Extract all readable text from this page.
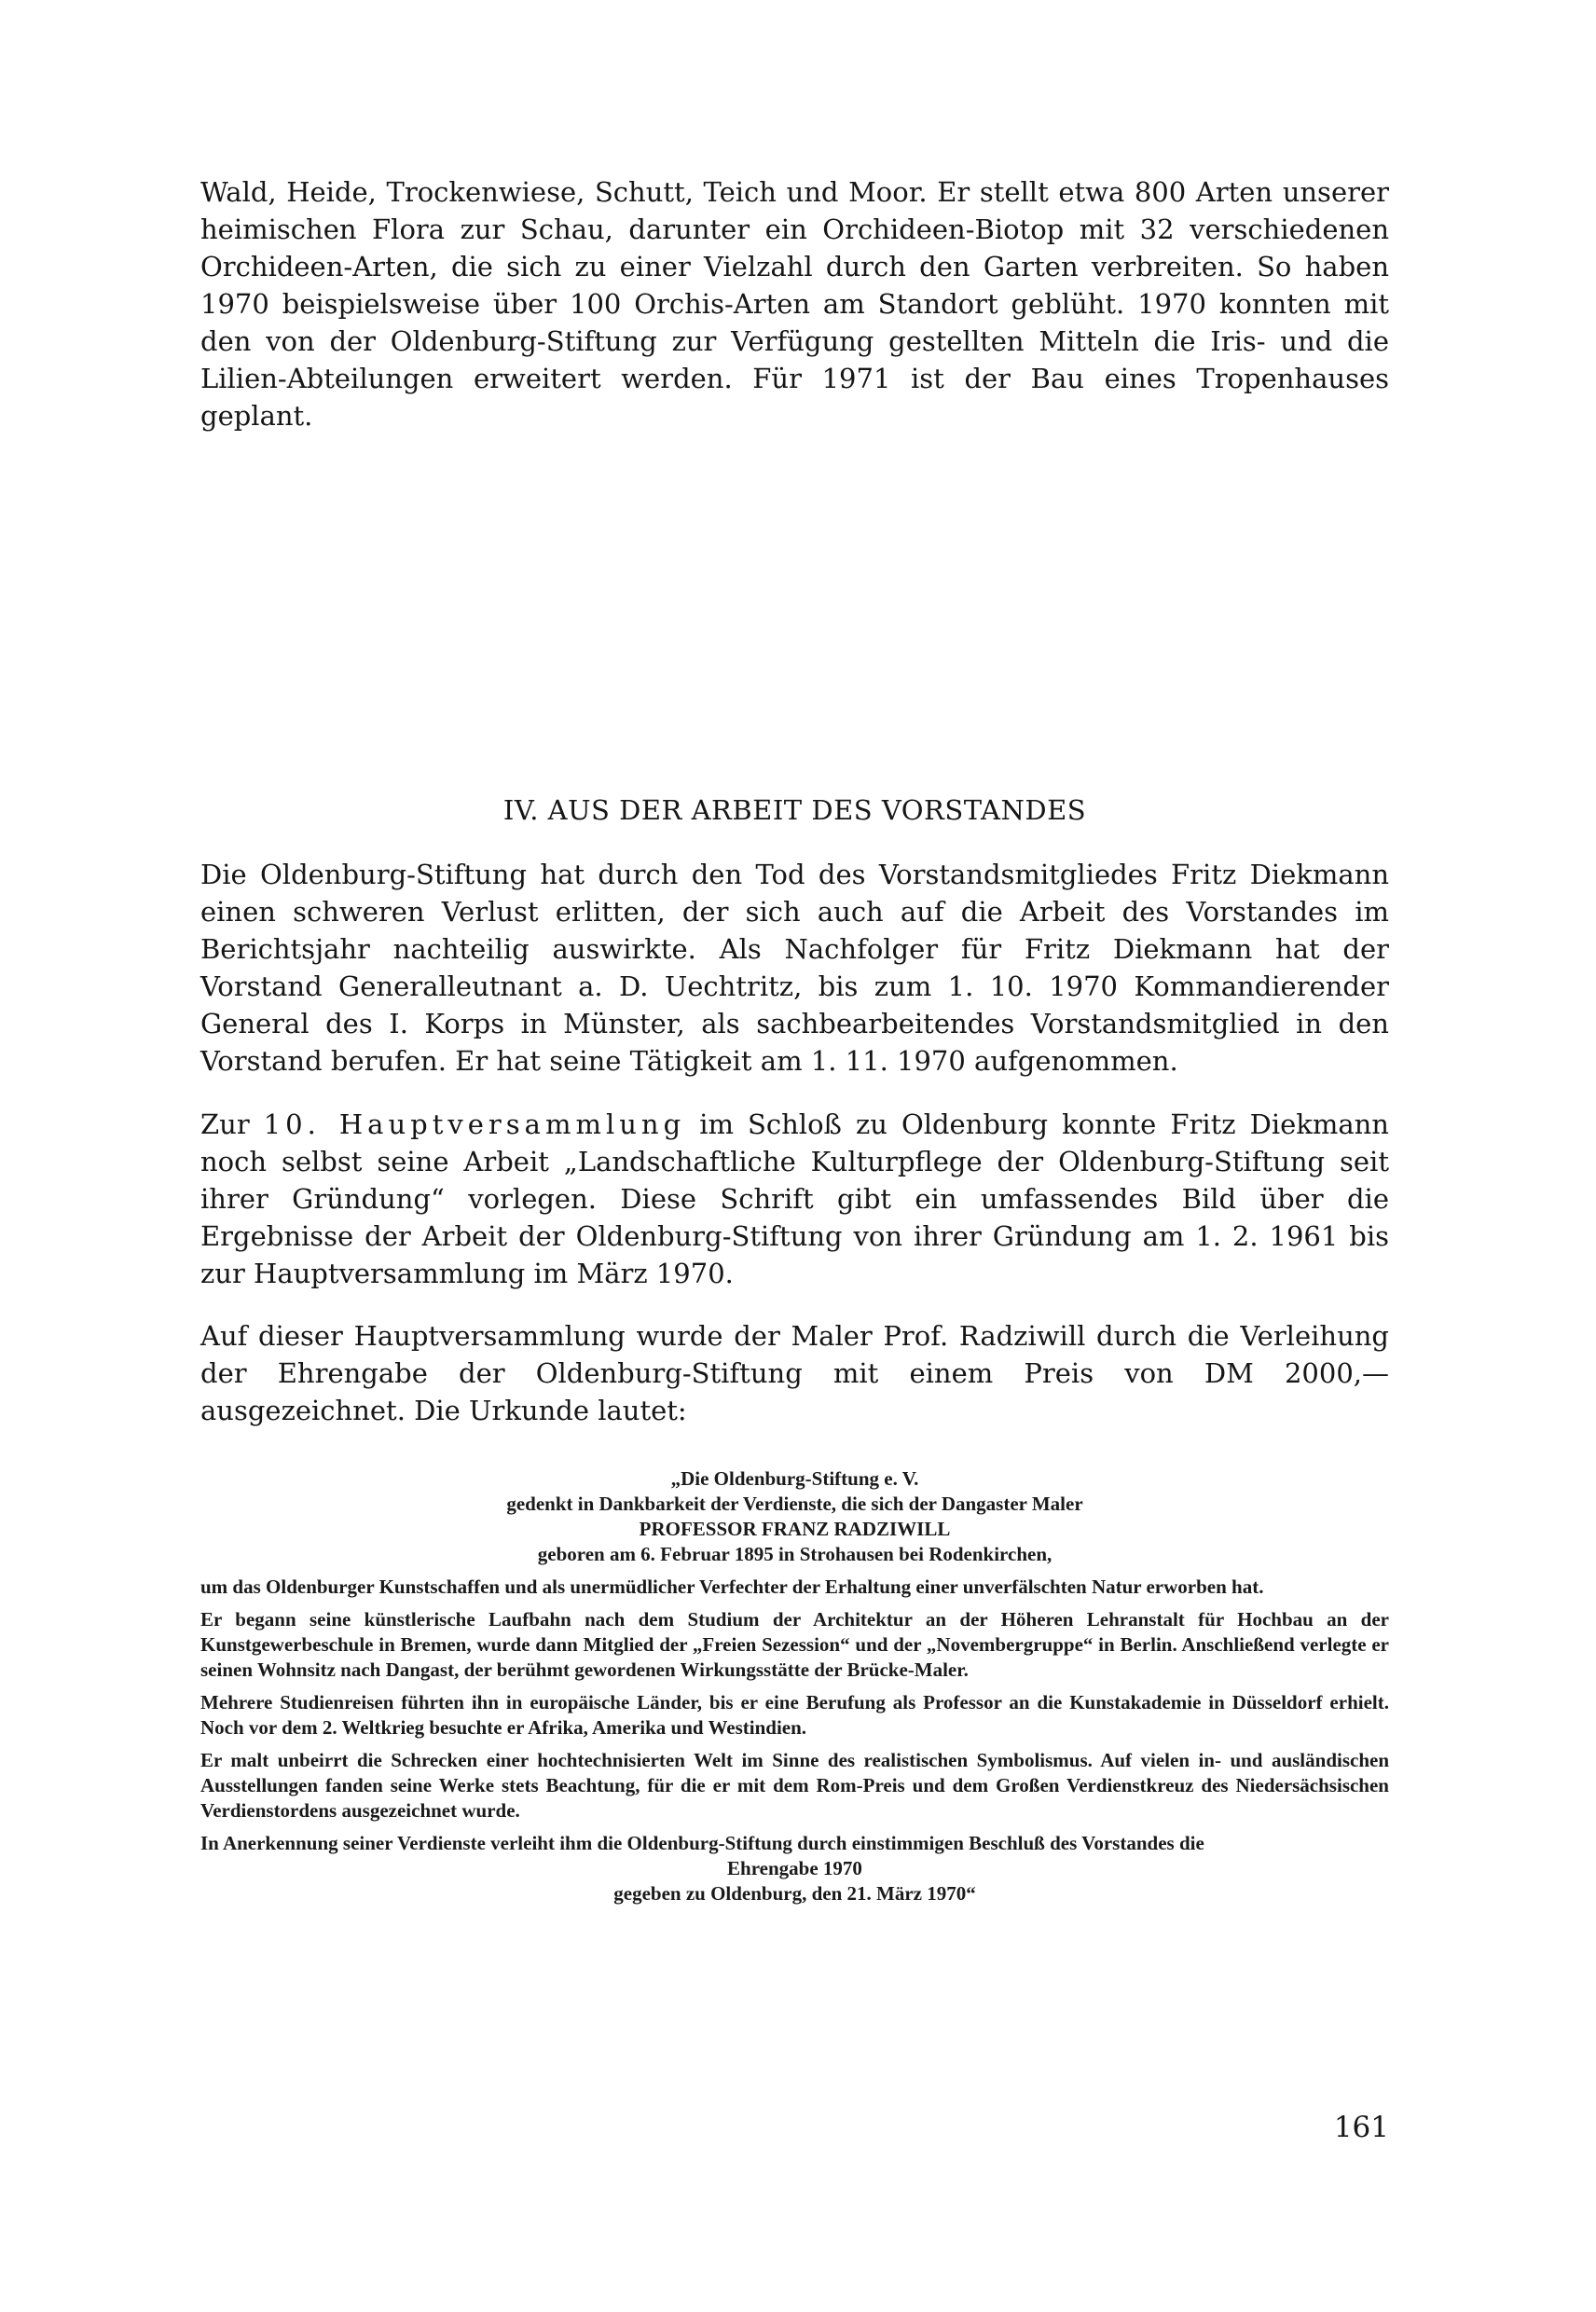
Wald, Heide, Trockenwiese, Schutt, Teich und Moor. Er stellt etwa 800 Arten unserer heimischen Flora zur Schau, darunter ein Orchideen-Biotop mit 32 verschiedenen Orchideen-Arten, die sich zu einer Vielzahl durch den Garten verbreiten. So haben 1970 beispielsweise über 100 Orchis-Arten am Standort geblüht. 1970 konnten mit den von der Oldenburg-Stiftung zur Verfügung gestellten Mitteln die Iris- und die Lilien-Abteilungen erweitert werden. Für 1971 ist der Bau eines Tropenhauses geplant.

IV. AUS DER ARBEIT DES VORSTANDES

Die Oldenburg-Stiftung hat durch den Tod des Vorstandsmitgliedes Fritz Diekmann einen schweren Verlust erlitten, der sich auch auf die Arbeit des Vorstandes im Berichtsjahr nachteilig auswirkte. Als Nachfolger für Fritz Diekmann hat der Vorstand Generalleutnant a. D. Uechtritz, bis zum 1. 10. 1970 Kommandierender General des I. Korps in Münster, als sachbearbeitendes Vorstandsmitglied in den Vorstand berufen. Er hat seine Tätigkeit am 1. 11. 1970 aufgenommen.

Zur 10. Hauptversammlung im Schloß zu Oldenburg konnte Fritz Diekmann noch selbst seine Arbeit „Landschaftliche Kulturpflege der Oldenburg-Stiftung seit ihrer Gründung“ vorlegen. Diese Schrift gibt ein umfassendes Bild über die Ergebnisse der Arbeit der Oldenburg-Stiftung von ihrer Gründung am 1. 2. 1961 bis zur Hauptversammlung im März 1970.

Auf dieser Hauptversammlung wurde der Maler Prof. Radziwill durch die Verleihung der Ehrengabe der Oldenburg-Stiftung mit einem Preis von DM 2000,— ausgezeichnet. Die Urkunde lautet:

„Die Oldenburg-Stiftung e. V.

gedenkt in Dankbarkeit der Verdienste, die sich der Dangaster Maler

PROFESSOR FRANZ RADZIWILL

geboren am 6. Februar 1895 in Strohausen bei Rodenkirchen,

um das Oldenburger Kunstschaffen und als unermüdlicher Verfechter der Erhaltung einer unverfälschten Natur erworben hat.

Er begann seine künstlerische Laufbahn nach dem Studium der Architektur an der Höheren Lehranstalt für Hochbau an der Kunstgewerbeschule in Bremen, wurde dann Mitglied der „Freien Sezession“ und der „Novembergruppe“ in Berlin. Anschließend verlegte er seinen Wohnsitz nach Dangast, der berühmt gewordenen Wirkungsstätte der Brücke-Maler.

Mehrere Studienreisen führten ihn in europäische Länder, bis er eine Berufung als Professor an die Kunstakademie in Düsseldorf erhielt. Noch vor dem 2. Weltkrieg besuchte er Afrika, Amerika und Westindien.

Er malt unbeirrt die Schrecken einer hochtechnisierten Welt im Sinne des realistischen Symbolismus. Auf vielen in- und ausländischen Ausstellungen fanden seine Werke stets Beachtung, für die er mit dem Rom-Preis und dem Großen Verdienstkreuz des Niedersächsischen Verdienstordens ausgezeichnet wurde.

In Anerkennung seiner Verdienste verleiht ihm die Oldenburg-Stiftung durch einstimmigen Beschluß des Vorstandes die

Ehrengabe 1970

gegeben zu Oldenburg, den 21. März 1970“

161
